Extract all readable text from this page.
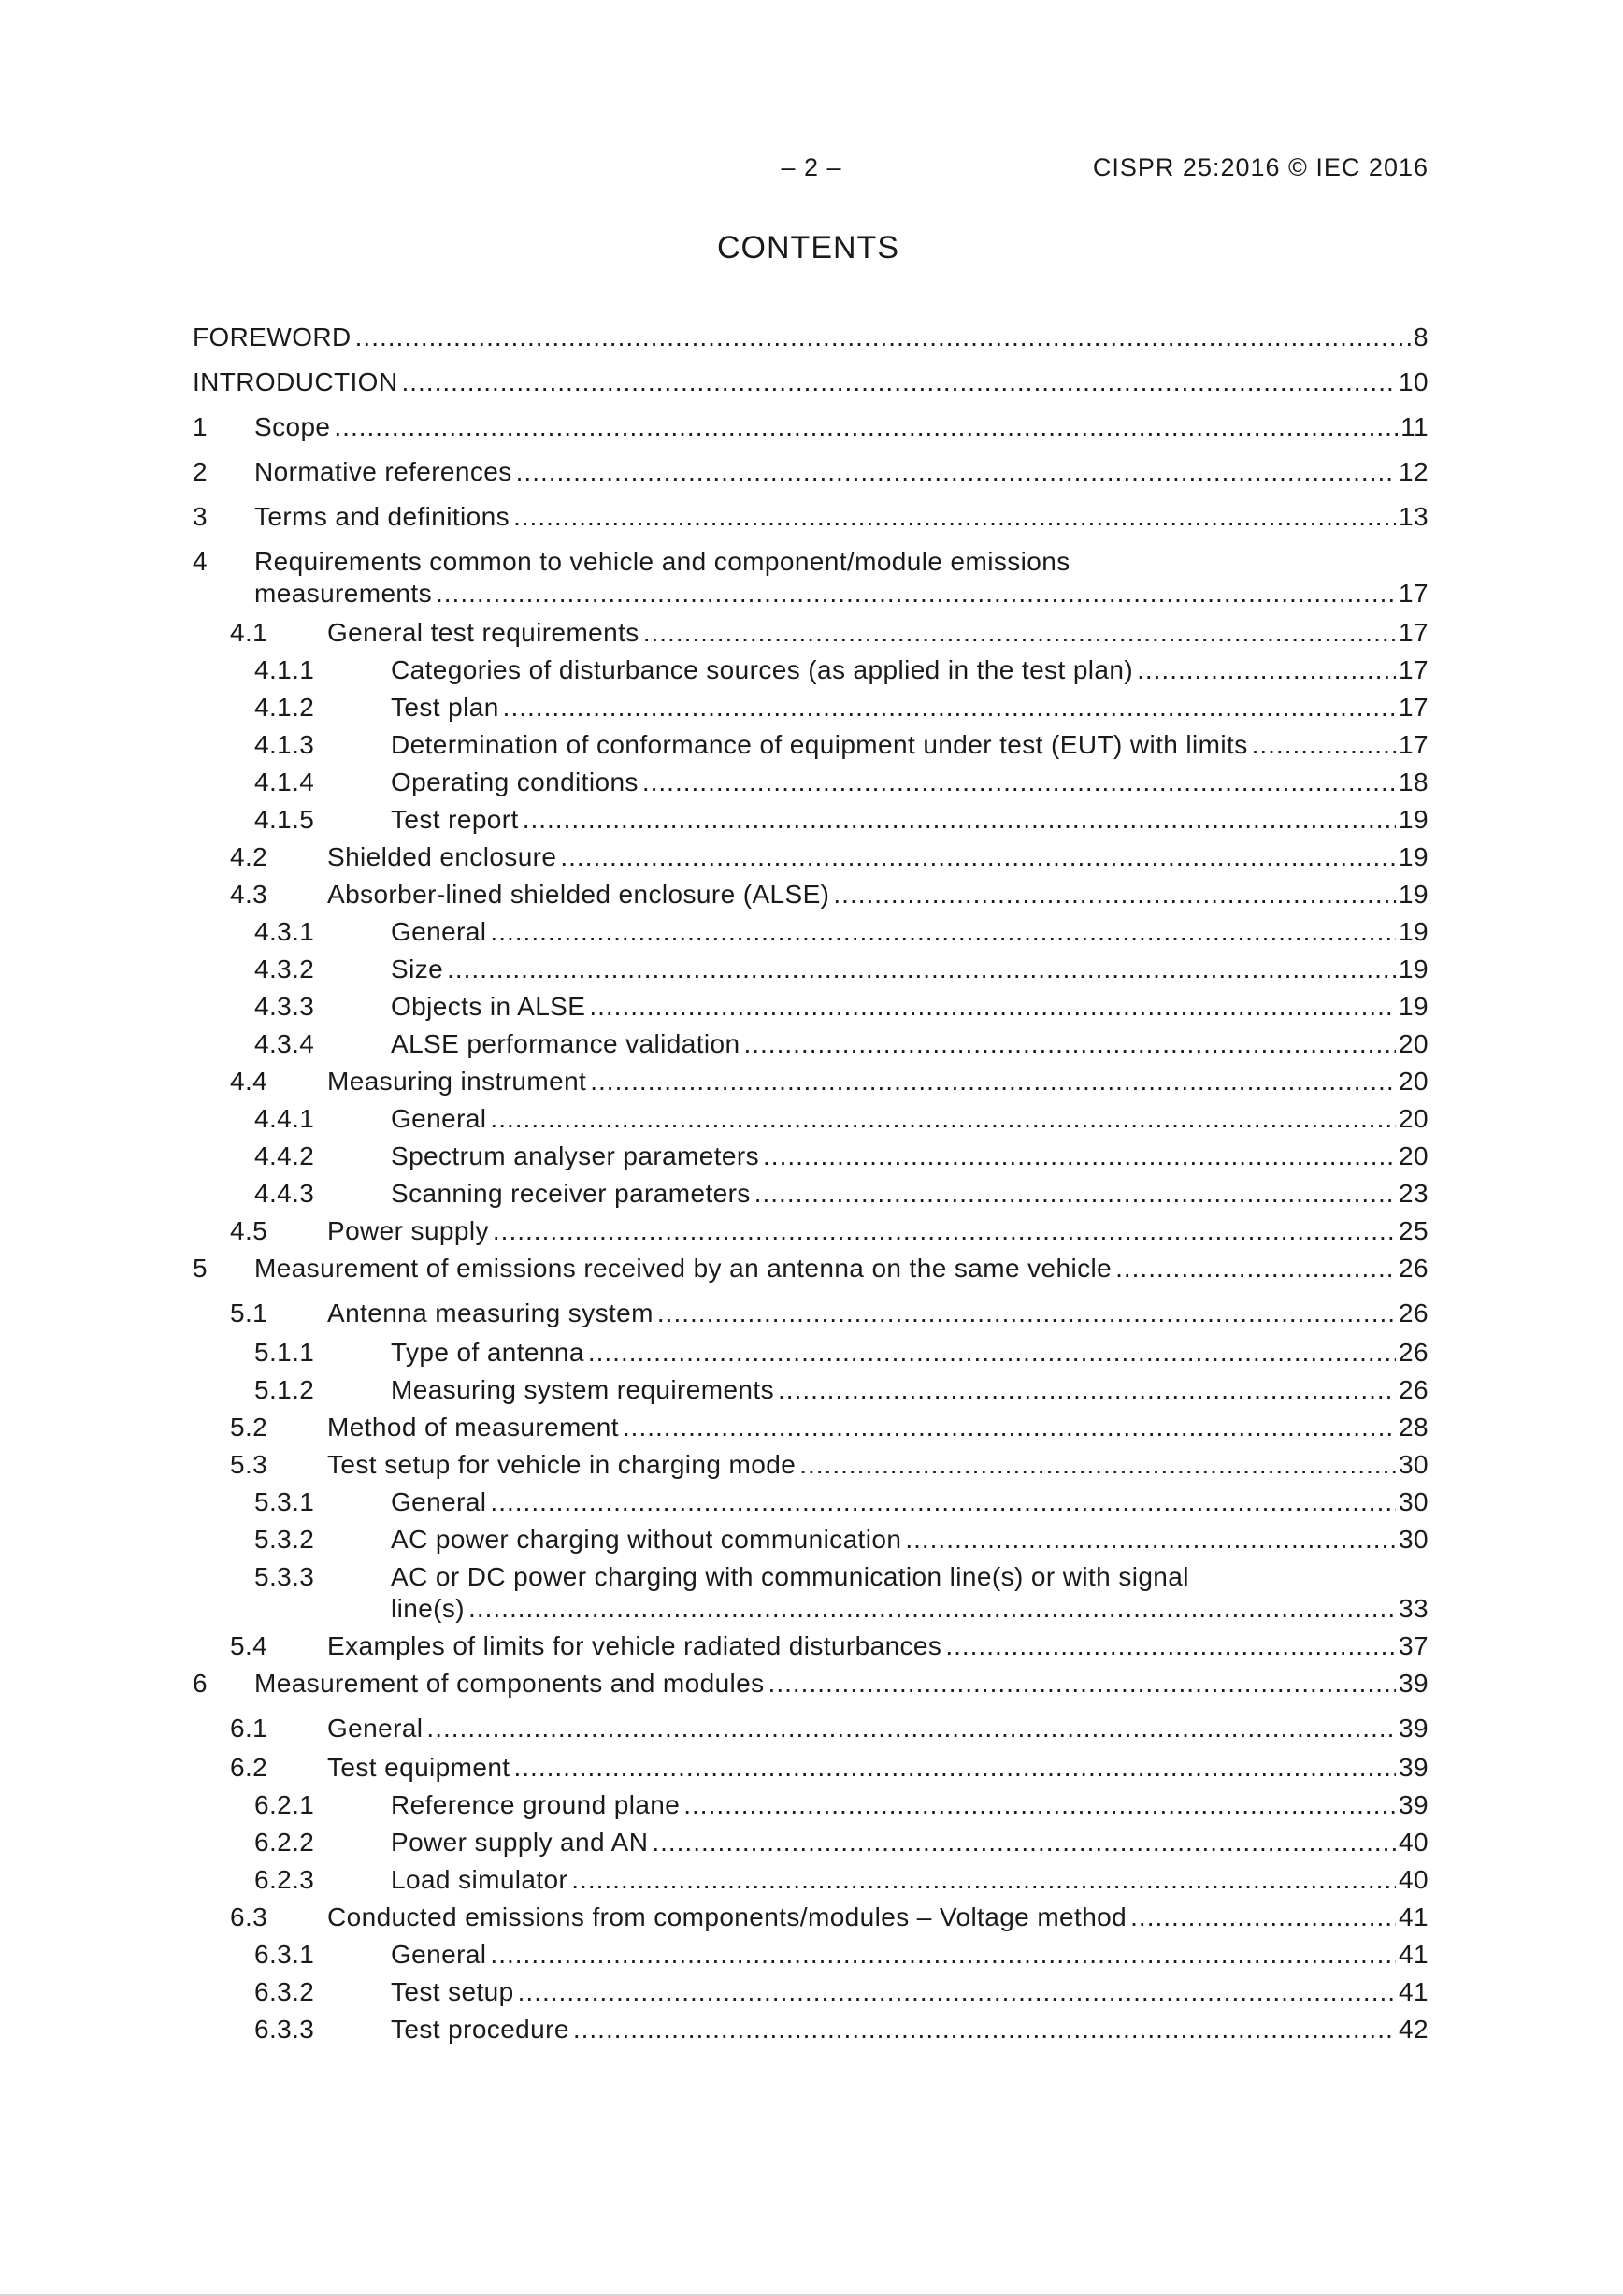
– 2 –	CISPR 25:2016 © IEC 2016
CONTENTS
FOREWORD .....	8
INTRODUCTION .....	10
1	Scope .....	11
2	Normative references .....	12
3	Terms and definitions .....	13
4	Requirements common to vehicle and component/module emissions
measurements .....	17
4.1	General test requirements .....	17
4.1.1	Categories of disturbance sources (as applied in the test plan) .....	17
4.1.2	Test plan .....	17
4.1.3	Determination of conformance of equipment under test (EUT) with limits .....	17
4.1.4	Operating conditions .....	18
4.1.5	Test report .....	19
4.2	Shielded enclosure .....	19
4.3	Absorber-lined shielded enclosure (ALSE) .....	19
4.3.1	General .....	19
4.3.2	Size .....	19
4.3.3	Objects in ALSE .....	19
4.3.4	ALSE performance validation .....	20
4.4	Measuring instrument .....	20
4.4.1	General .....	20
4.4.2	Spectrum analyser parameters .....	20
4.4.3	Scanning receiver parameters .....	23
4.5	Power supply .....	25
5	Measurement of emissions received by an antenna on the same vehicle .....	26
5.1	Antenna measuring system .....	26
5.1.1	Type of antenna .....	26
5.1.2	Measuring system requirements .....	26
5.2	Method of measurement .....	28
5.3	Test setup for vehicle in charging mode .....	30
5.3.1	General .....	30
5.3.2	AC power charging without communication .....	30
5.3.3	AC or DC power charging with communication line(s) or with signal
line(s) .....	33
5.4	Examples of limits for vehicle radiated disturbances .....	37
6	Measurement of components and modules .....	39
6.1	General .....	39
6.2	Test equipment .....	39
6.2.1	Reference ground plane .....	39
6.2.2	Power supply and AN .....	40
6.2.3	Load simulator .....	40
6.3	Conducted emissions from components/modules – Voltage method .....	41
6.3.1	General .....	41
6.3.2	Test setup .....	41
6.3.3	Test procedure .....	42
